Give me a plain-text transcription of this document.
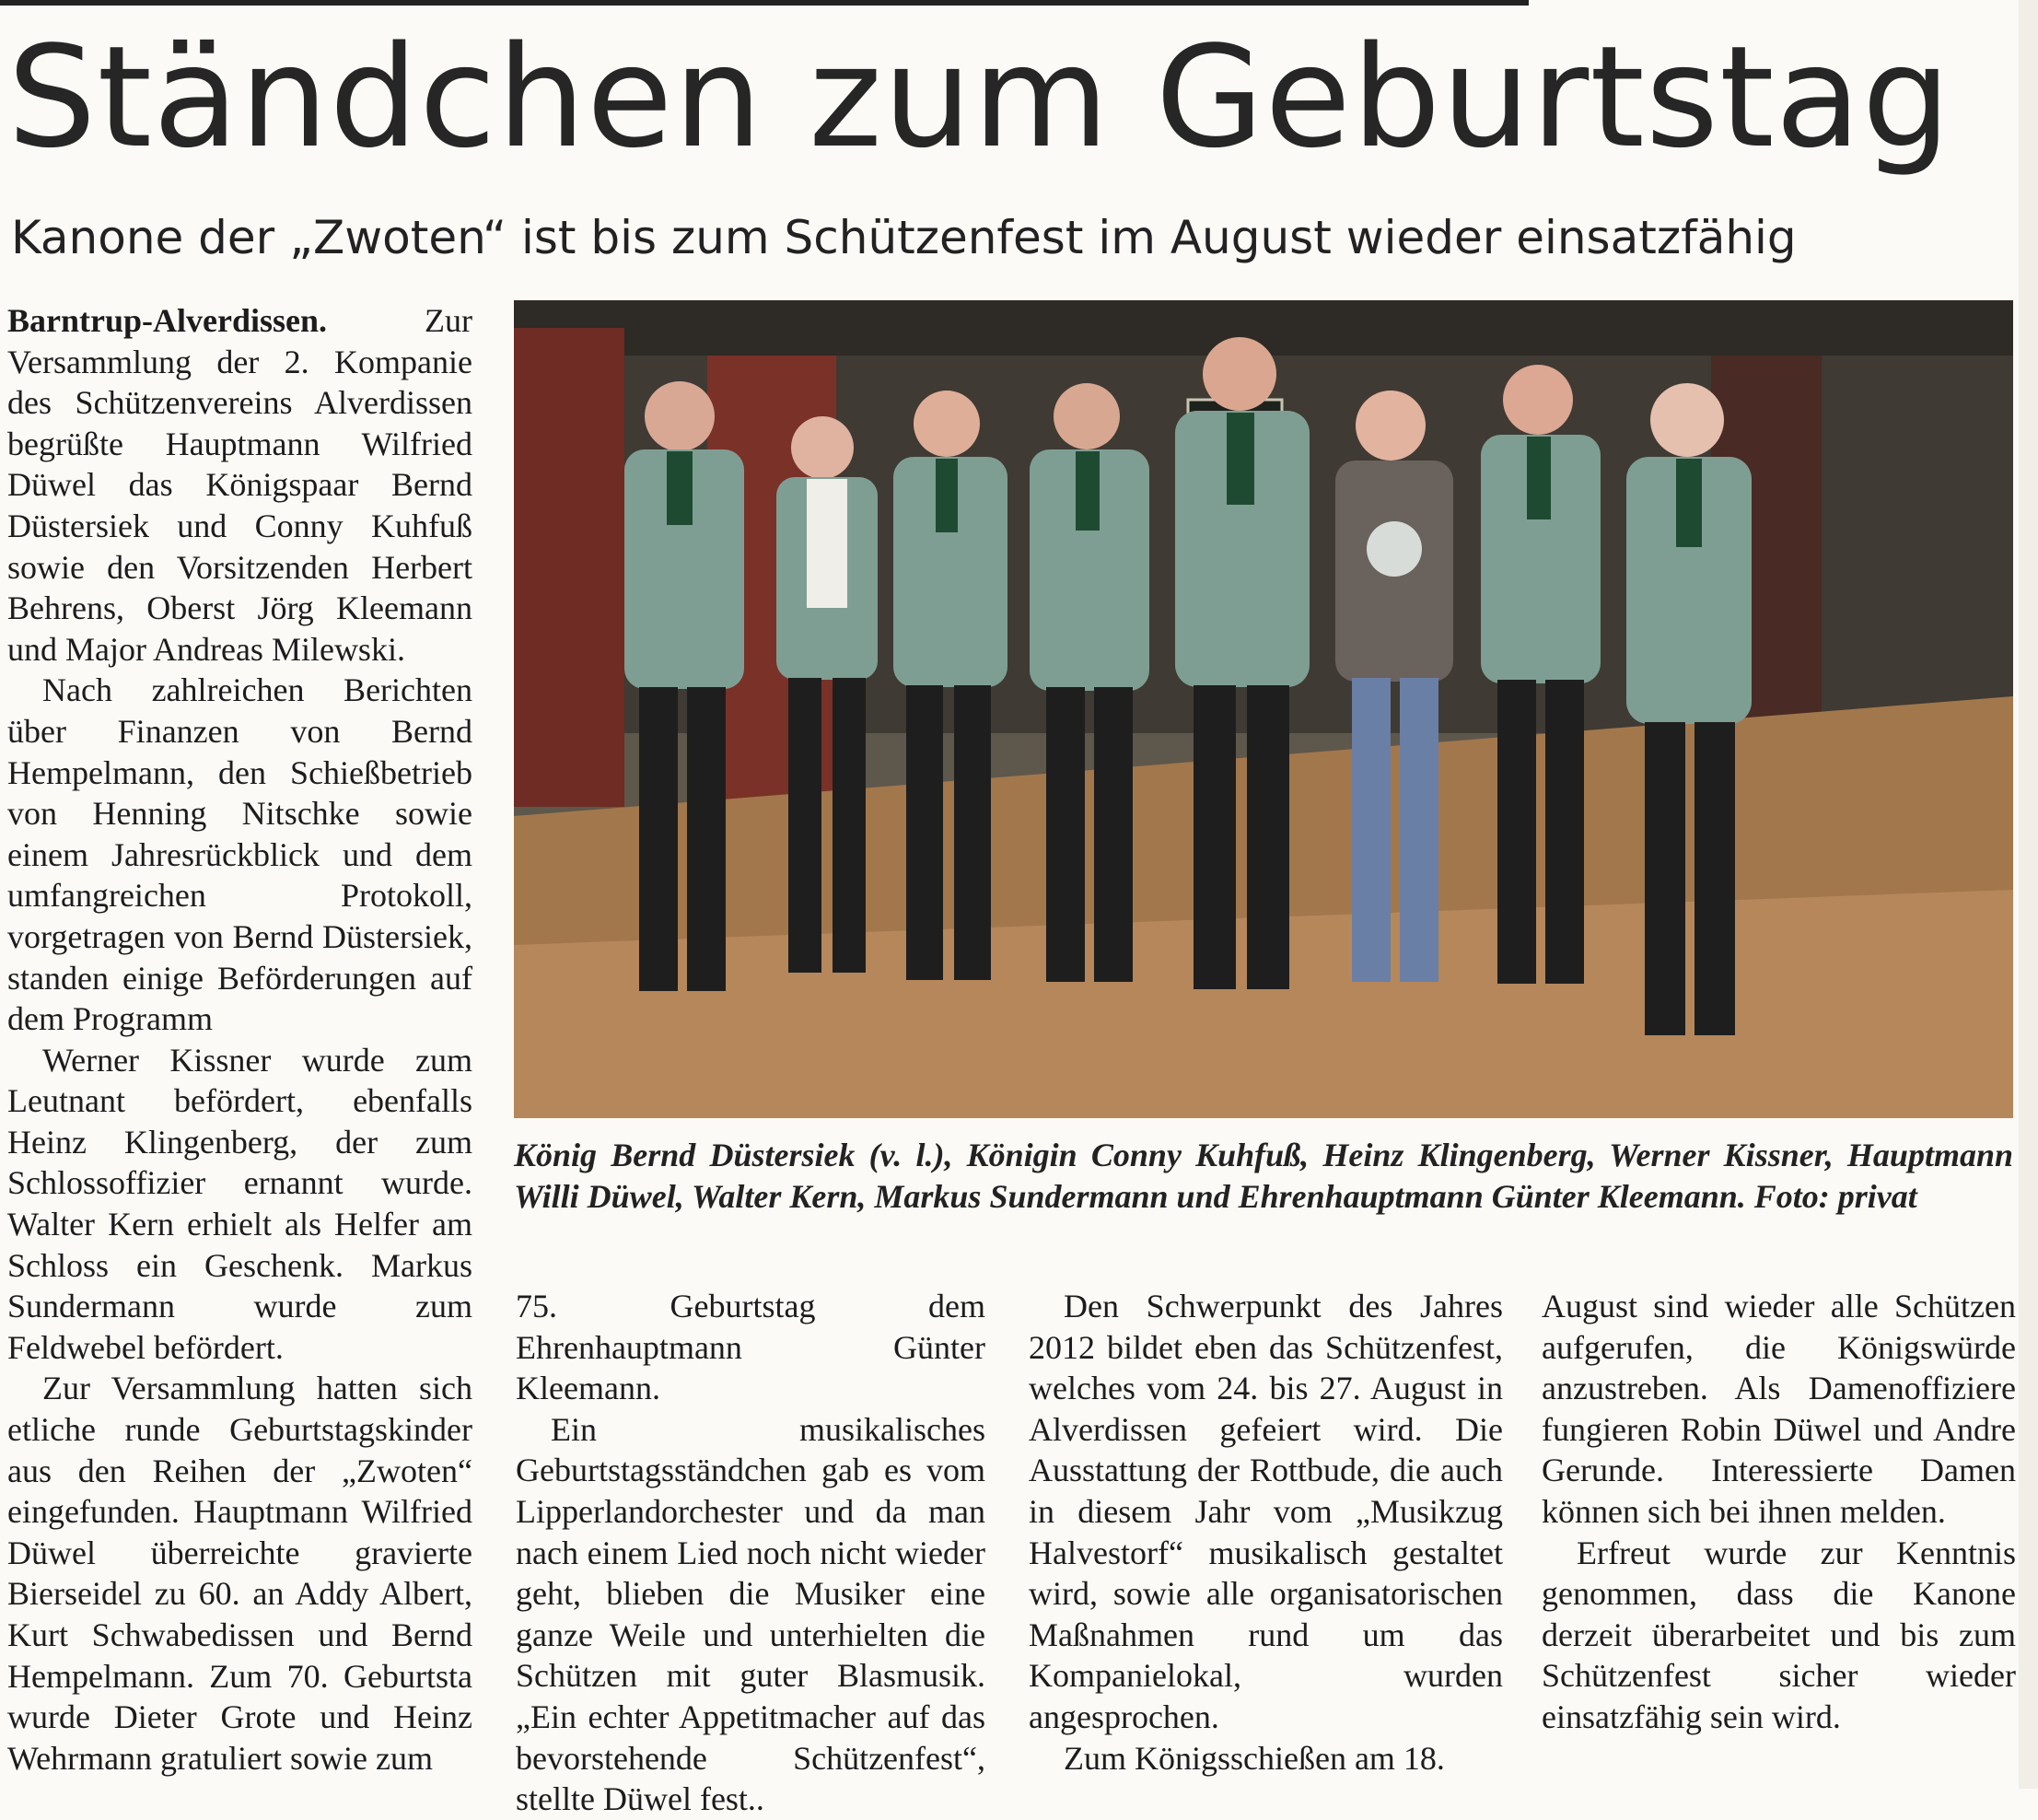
Ständchen zum Geburtstag
Kanone der „Zwoten“ ist bis zum Schützenfest im August wieder einsatzfähig

Barntrup-Alverdissen.	Zur Versammlung der 2. Kompanie des Schützenvereins Alverdissen begrüßte Hauptmann Wilfried Düwel das Königspaar Bernd Düstersiek und Conny Kuhfuß sowie den Vorsitzenden Herbert Behrens, Oberst Jörg Kleemann und Major Andreas Milewski.

Nach zahlreichen Berichten über Finanzen von Bernd Hempelmann, den Schießbetrieb von Henning Nitschke sowie einem Jahresrückblick und dem umfangreichen Protokoll, vorgetragen von Bernd Düstersiek, standen einige Beförderungen auf dem Programm

Werner Kissner wurde zum Leutnant befördert, ebenfalls Heinz Klingenberg, der zum Schlossoffizier ernannt wurde. Walter Kern erhielt als Helfer am Schloss ein Geschenk. Markus Sundermann wurde zum Feldwebel befördert.

Zur Versammlung hatten sich etliche runde Geburtstagskinder aus den Reihen der „Zwoten“ eingefunden. Hauptmann Wilfried Düwel überreichte gravierte Bierseidel zu 60. an Addy Albert, Kurt Schwabedissen und Bernd Hempelmann. Zum 70. Geburtsta wurde Dieter Grote und Heinz Wehrmann gratuliert sowie zum

König Bernd Düstersiek (v. l.), Königin Conny Kuhfuß, Heinz Klingenberg, Werner Kissner, Hauptmann Willi Düwel, Walter Kern, Markus Sundermann und Ehrenhauptmann Günter Kleemann. Foto: privat

75. Geburtstag dem Ehrenhauptmann Günter Kleemann.

Ein musikalisches Geburtstagsständchen gab es vom Lipperlandorchester und da man nach einem Lied noch nicht wieder geht, blieben die Musiker eine ganze Weile und unterhielten die Schützen mit guter Blasmusik. „Ein echter Appetitmacher auf das bevorstehende Schützenfest“, stellte Düwel fest..

Den Schwerpunkt des Jahres 2012 bildet eben das Schützenfest, welches vom 24. bis 27. August in Alverdissen gefeiert wird. Die Ausstattung der Rottbude, die auch in diesem Jahr vom „Musikzug Halvestorf“ musikalisch gestaltet wird, sowie alle organisatorischen Maßnahmen rund um das Kompanielokal, wurden angesprochen.

Zum Königsschießen am 18.

August sind wieder alle Schützen aufgerufen, die Königswürde anzustreben. Als Damenoffiziere fungieren Robin Düwel und Andre Gerunde. Interessierte Damen können sich bei ihnen melden.

Erfreut wurde zur Kenntnis genommen, dass die Kanone derzeit überarbeitet und bis zum Schützenfest sicher wieder einsatzfähig sein wird.
